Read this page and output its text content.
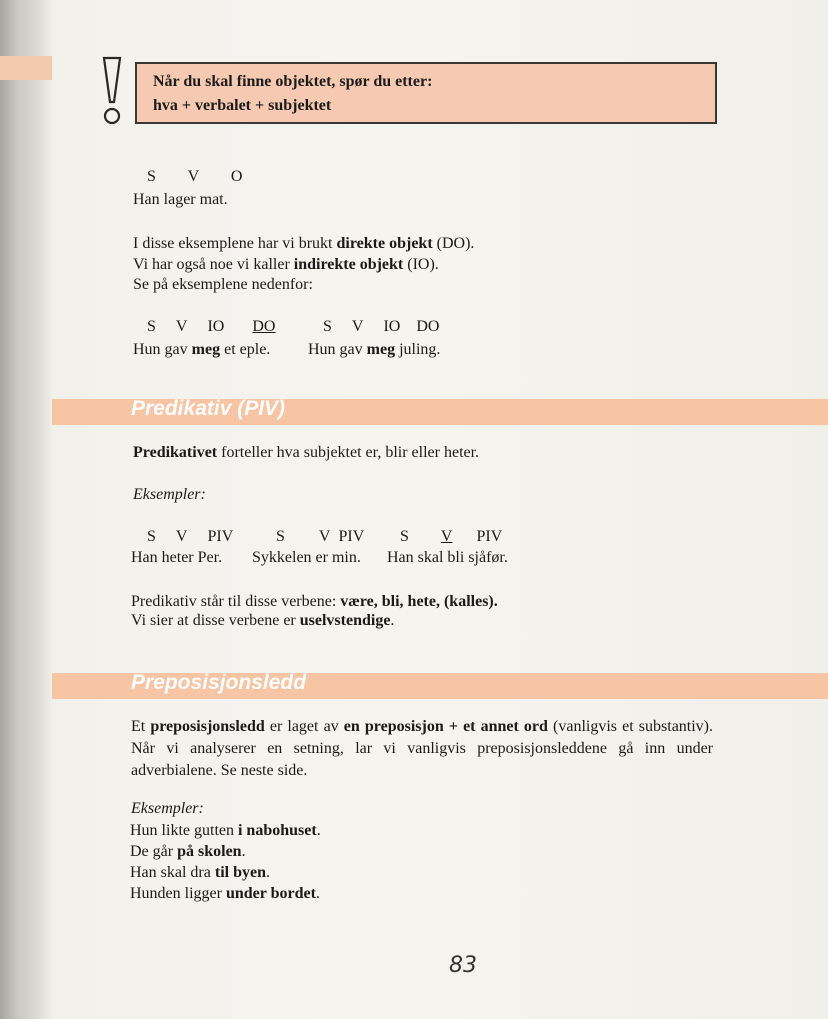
Når du skal finne objektet, spør du etter:
hva + verbalet + subjektet
S V O
Han lager mat.
I disse eksemplene har vi brukt direkte objekt (DO).
Vi har også noe vi kaller indirekte objekt (IO).
Se på eksemplene nedenfor:
S V IO DO	S V IO DO
Hun gav meg et eple. Hun gav meg juling.
Predikativ (PIV)
Predikativet forteller hva subjektet er, blir eller heter.
Eksempler:
S V PIV	S V PIV S V PIV
Han heter Per. Sykkelen er min. Han skal bli sjåfør.
Predikativ står til disse verbene: være, bli, hete, (kalles).
Vi sier at disse verbene er uselvstendige.
Preposisjonsledd
Et preposisjonsledd er laget av en preposisjon + et annet ord (vanligvis et substantiv). Når vi analyserer en setning, lar vi vanligvis preposisjonsleddene gå inn under adverbialene. Se neste side.
Eksempler:
Hun likte gutten i nabohuset.
De går på skolen.
Han skal dra til byen.
Hunden ligger under bordet.
83
